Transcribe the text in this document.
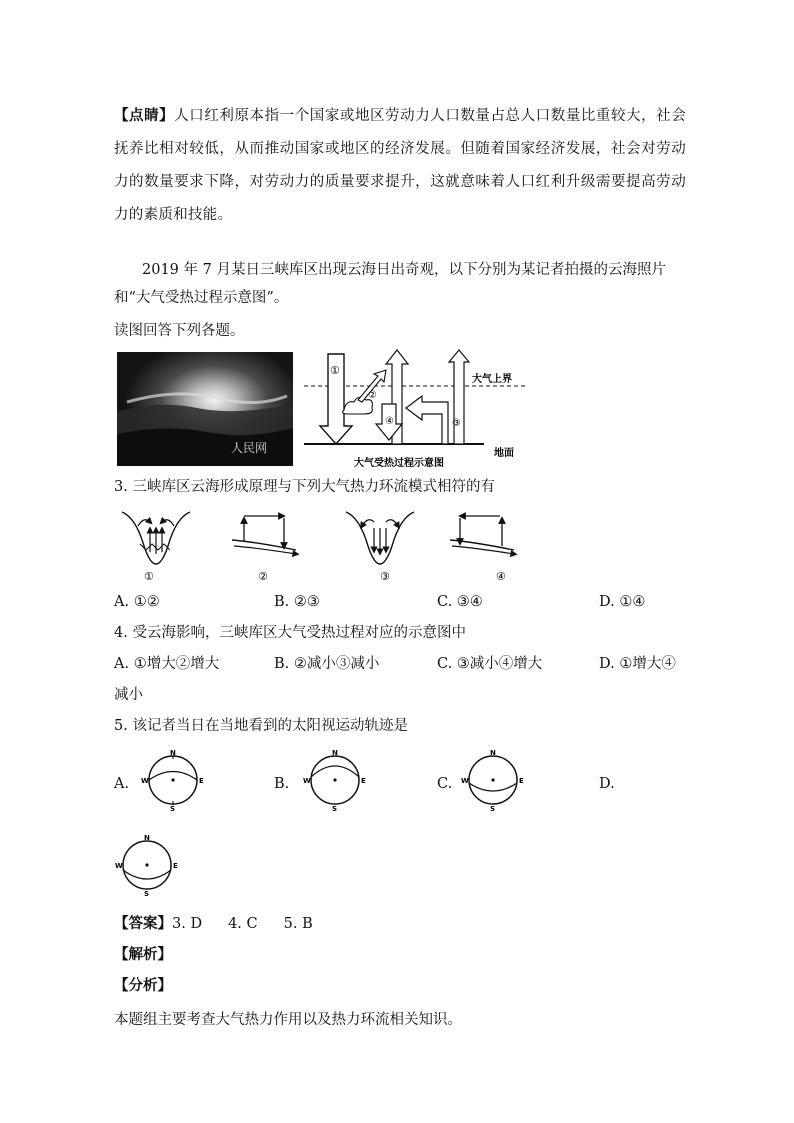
【点睛】人口红利原本指一个国家或地区劳动力人口数量占总人口数量比重较大，社会抚养比相对较低，从而推动国家或地区的经济发展。但随着国家经济发展，社会对劳动力的数量要求下降，对劳动力的质量要求提升，这就意味着人口红利升级需要提高劳动力的素质和技能。

2019 年 7 月某日三峡库区出现云海日出奇观，以下分别为某记者拍摄的云海照片和“大气受热过程示意图”。

读图回答下列各题。

人民网
①
②
④	③
大气上界
地面
大气受热过程示意图

3. 三峡库区云海形成原理与下列大气热力环流模式相符的有

①	②	③	④
A. ①②	B. ②③	C. ③④	D. ①④

4. 受云海影响，三峡库区大气受热过程对应的示意图中

A. ①增大②增大	B. ②减小③减小	C. ③减小④增大	D. ①增大④
减小

5. 该记者当日在当地看到的太阳视运动轨迹是

A.
N
S
W	E	B.
N
S
W	E	C.
N
S
W	E	D.
N
S
W	E

【答案】3. D 4. C 5. B

【解析】

【分析】

本题组主要考查大气热力作用以及热力环流相关知识。
